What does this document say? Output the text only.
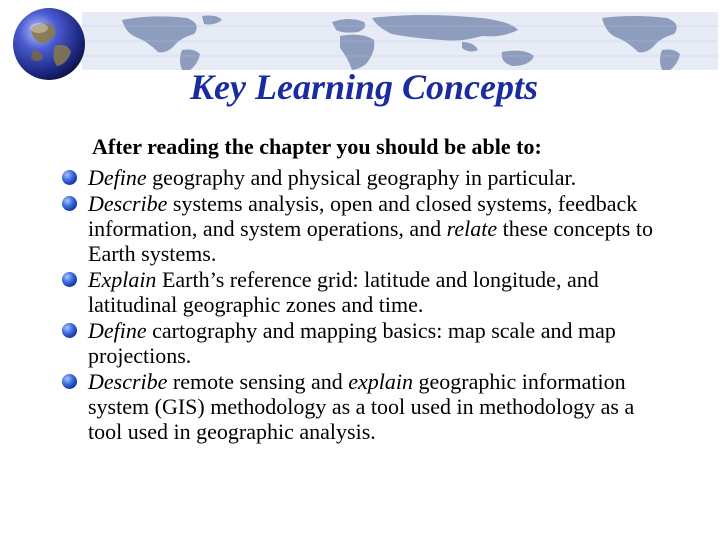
Key Learning Concepts
After reading the chapter you should be able to:
Define geography and physical geography in particular.
Describe systems analysis, open and closed systems, feedback information, and system operations, and relate these concepts to Earth systems.
Explain Earth’s reference grid: latitude and longitude, and latitudinal geographic zones and time.
Define cartography and mapping basics: map scale and map projections.
Describe remote sensing and explain geographic information system (GIS) methodology as a tool used in methodology as a tool used in geographic analysis.
